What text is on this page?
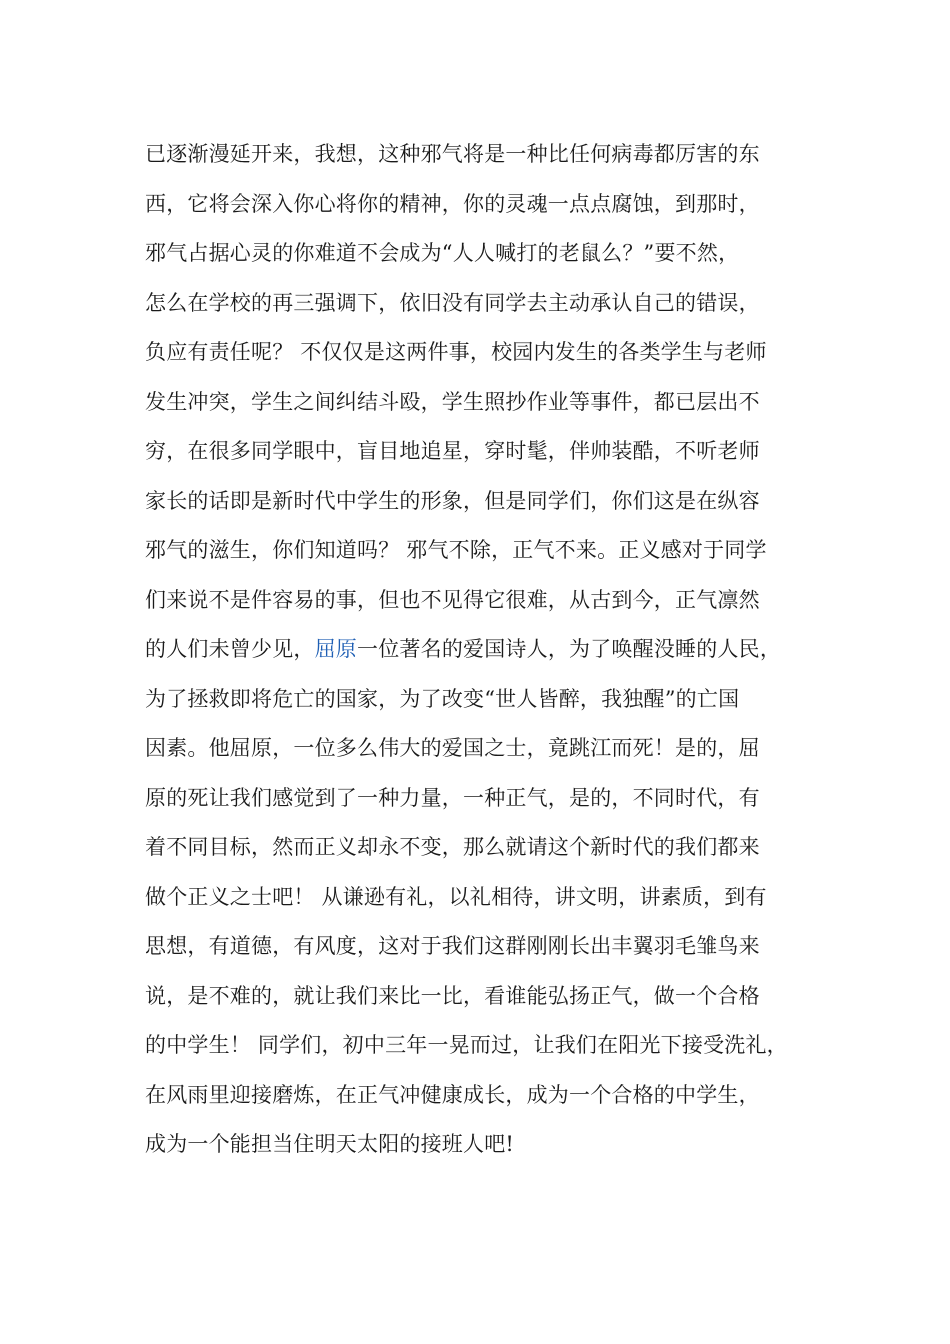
已逐渐漫延开来，我想，这种邪气将是一种比任何病毒都厉害的东
西，它将会深入你心将你的精神，你的灵魂一点点腐蚀，到那时，
邪气占据心灵的你难道不会成为“人人喊打的老鼠么？”要不然，
怎么在学校的再三强调下，依旧没有同学去主动承认自己的错误，
负应有责任呢？ 不仅仅是这两件事，校园内发生的各类学生与老师
发生冲突，学生之间纠结斗殴，学生照抄作业等事件，都已层出不
穷，在很多同学眼中，盲目地追星，穿时髦，伴帅装酷，不听老师
家长的话即是新时代中学生的形象，但是同学们，你们这是在纵容
邪气的滋生，你们知道吗？ 邪气不除，正气不来。正义感对于同学
们来说不是件容易的事，但也不见得它很难，从古到今，正气凛然
的人们未曾少见，屈原一位著名的爱国诗人，为了唤醒没睡的人民，
为了拯救即将危亡的国家，为了改变“世人皆醉，我独醒”的亡国
因素。他屈原，一位多么伟大的爱国之士，竟跳江而死！是的，屈
原的死让我们感觉到了一种力量，一种正气，是的，不同时代，有
着不同目标，然而正义却永不变，那么就请这个新时代的我们都来
做个正义之士吧！ 从谦逊有礼，以礼相待，讲文明，讲素质，到有
思想，有道德，有风度，这对于我们这群刚刚长出丰翼羽毛雏鸟来
说，是不难的，就让我们来比一比，看谁能弘扬正气，做一个合格
的中学生！ 同学们，初中三年一晃而过，让我们在阳光下接受洗礼，
在风雨里迎接磨炼，在正气冲健康成长，成为一个合格的中学生，
成为一个能担当住明天太阳的接班人吧!
